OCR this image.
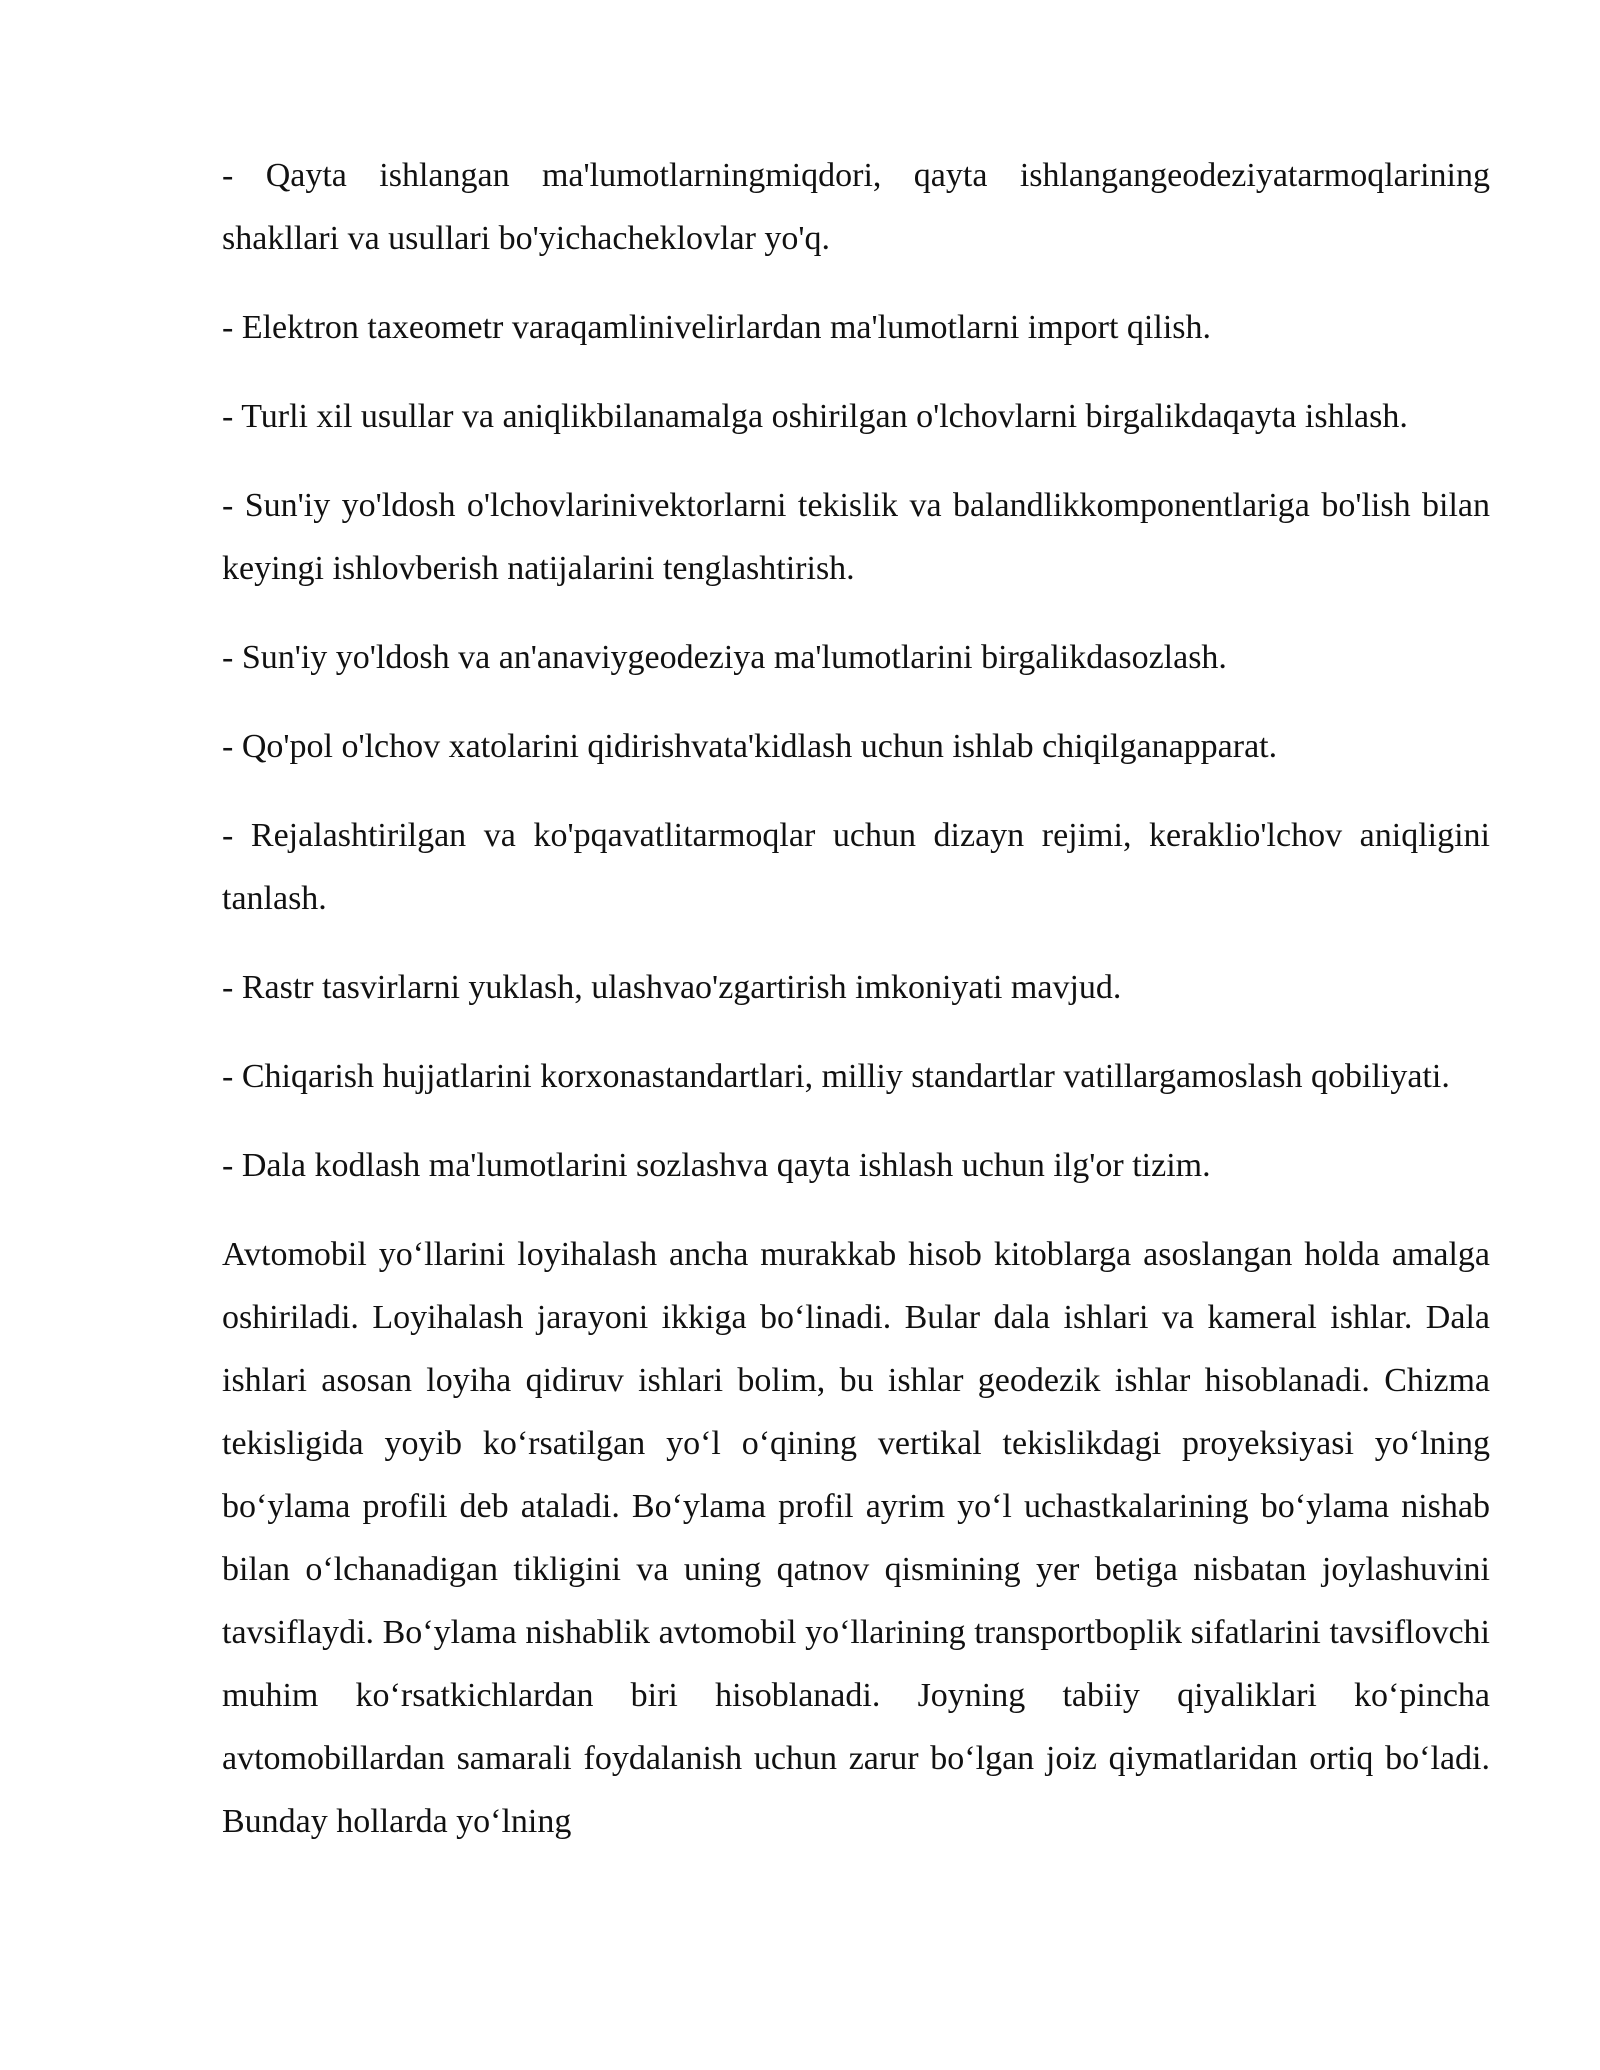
- Qayta ishlangan ma'lumotlarningmiqdori, qayta ishlangangeodeziyatarmoqlarining shakllari va usullari bo'yichacheklovlar yo'q.

- Elektron taxeometr varaqamlinivelirlardan ma'lumotlarni import qilish.

- Turli xil usullar va aniqlikbilanamalga oshirilgan o'lchovlarni birgalikdaqayta ishlash.

- Sun'iy yo'ldosh o'lchovlarinivektorlarni tekislik va balandlikkomponentlariga bo'lish bilan keyingi ishlovberish natijalarini tenglashtirish.

- Sun'iy yo'ldosh va an'anaviygeodeziya ma'lumotlarini birgalikdasozlash.

- Qo'pol o'lchov xatolarini qidirishvata'kidlash uchun ishlab chiqilganapparat.

- Rejalashtirilgan va ko'pqavatlitarmoqlar uchun dizayn rejimi, keraklio'lchov aniqligini tanlash.

- Rastr tasvirlarni yuklash, ulashvao'zgartirish imkoniyati mavjud.

- Chiqarish hujjatlarini korxonastandartlari, milliy standartlar vatillargamoslash qobiliyati.

- Dala kodlash ma'lumotlarini sozlashva qayta ishlash uchun ilg'or tizim.

Avtomobil yo‘llarini loyihalash ancha murakkab hisob kitoblarga asoslangan holda amalga oshiriladi. Loyihalash jarayoni ikkiga bo‘linadi. Bular dala ishlari va kameral ishlar. Dala ishlari asosan loyiha qidiruv ishlari bolim, bu ishlar geodezik ishlar hisoblanadi. Chizma tekisligida yoyib ko‘rsatilgan yo‘l o‘qining vertikal tekislikdagi proyeksiyasi yo‘lning bo‘ylama profili deb ataladi. Bo‘ylama profil ayrim yo‘l uchastkalarining bo‘ylama nishab bilan o‘lchanadigan tikligini va uning qatnov qismining yer betiga nisbatan joylashuvini tavsiflaydi. Bo‘ylama nishablik avtomobil yo‘llarining transportboplik sifatlarini tavsiflovchi muhim ko‘rsatkichlardan biri hisoblanadi. Joyning tabiiy qiyaliklari ko‘pincha avtomobillardan samarali foydalanish uchun zarur bo‘lgan joiz qiymatlaridan ortiq bo‘ladi. Bunday hollarda yo‘lning
